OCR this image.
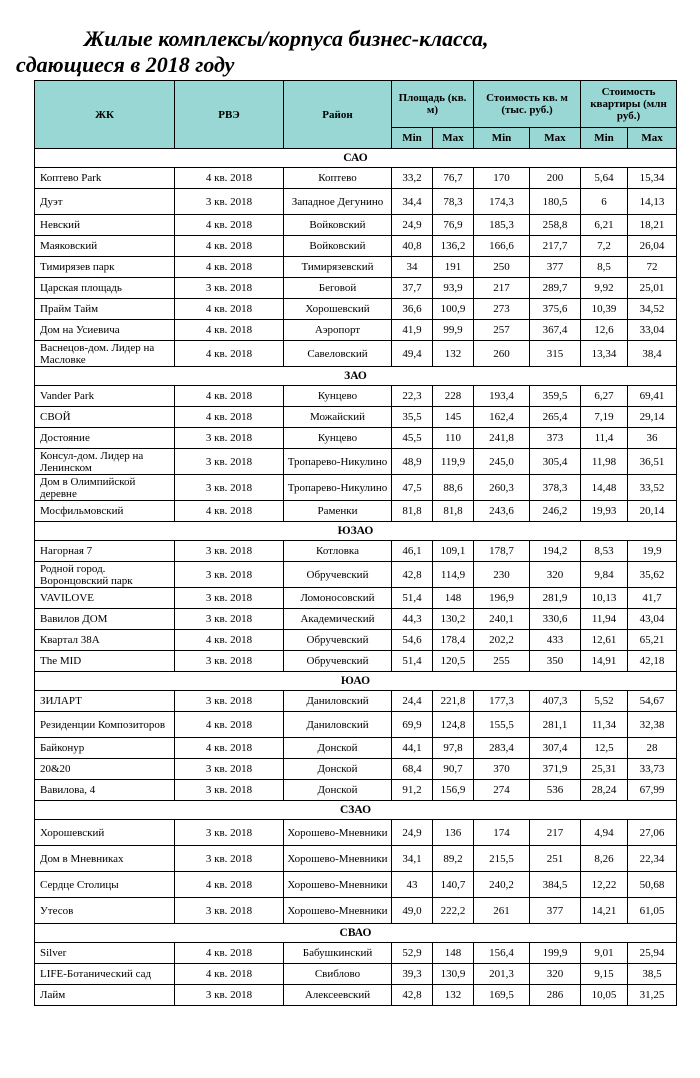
Жилые комплексы/корпуса бизнес-класса,
сдающиеся в 2018 году
ЖК	РВЭ	Район	Площадь (кв. м)		Стоимость кв. м (тыс. руб.)		Стоимость квартиры (млн руб.)	
			Min	Max	Min	Max	Min	Max
САО								
Коптево Park	4 кв. 2018	Коптево	33,2	76,7	170	200	5,64	15,34
Дуэт	3 кв. 2018	Западное Дегунино	34,4	78,3	174,3	180,5	6	14,13
Невский	4 кв. 2018	Войковский	24,9	76,9	185,3	258,8	6,21	18,21
Маяковский	4 кв. 2018	Войковский	40,8	136,2	166,6	217,7	7,2	26,04
Тимирязев парк	4 кв. 2018	Тимирязевский	34	191	250	377	8,5	72
Царская площадь	3 кв. 2018	Беговой	37,7	93,9	217	289,7	9,92	25,01
Прайм Тайм	4 кв. 2018	Хорошевский	36,6	100,9	273	375,6	10,39	34,52
Дом на Усиевича	4 кв. 2018	Аэропорт	41,9	99,9	257	367,4	12,6	33,04
Васнецов-дом. Лидер на Масловке	4 кв. 2018	Савеловский	49,4	132	260	315	13,34	38,4
ЗАО								
Vander Park	4 кв. 2018	Кунцево	22,3	228	193,4	359,5	6,27	69,41
СВОЙ	4 кв. 2018	Можайский	35,5	145	162,4	265,4	7,19	29,14
Достояние	3 кв. 2018	Кунцево	45,5	110	241,8	373	11,4	36
Консул-дом. Лидер на Ленинском	3 кв. 2018	Тропарево-Никулино	48,9	119,9	245,0	305,4	11,98	36,51
Дом в Олимпийской деревне	3 кв. 2018	Тропарево-Никулино	47,5	88,6	260,3	378,3	14,48	33,52
Мосфильмовский	4 кв. 2018	Раменки	81,8	81,8	243,6	246,2	19,93	20,14
ЮЗАО								
Нагорная 7	3 кв. 2018	Котловка	46,1	109,1	178,7	194,2	8,53	19,9
Родной город. Воронцовский парк	3 кв. 2018	Обручевский	42,8	114,9	230	320	9,84	35,62
VAVILOVE	3 кв. 2018	Ломоносовский	51,4	148	196,9	281,9	10,13	41,7
Вавилов ДОМ	3 кв. 2018	Академический	44,3	130,2	240,1	330,6	11,94	43,04
Квартал 38А	4 кв. 2018	Обручевский	54,6	178,4	202,2	433	12,61	65,21
The MID	3 кв. 2018	Обручевский	51,4	120,5	255	350	14,91	42,18
ЮАО								
ЗИЛАРТ	3 кв. 2018	Даниловский	24,4	221,8	177,3	407,3	5,52	54,67
Резиденции Композиторов	4 кв. 2018	Даниловский	69,9	124,8	155,5	281,1	11,34	32,38
Байконур	4 кв. 2018	Донской	44,1	97,8	283,4	307,4	12,5	28
20&20	3 кв. 2018	Донской	68,4	90,7	370	371,9	25,31	33,73
Вавилова, 4	3 кв. 2018	Донской	91,2	156,9	274	536	28,24	67,99
СЗАО								
Хорошевский	3 кв. 2018	Хорошево-Мневники	24,9	136	174	217	4,94	27,06
Дом в Мневниках	3 кв. 2018	Хорошево-Мневники	34,1	89,2	215,5	251	8,26	22,34
Сердце Столицы	4 кв. 2018	Хорошево-Мневники	43	140,7	240,2	384,5	12,22	50,68
Утесов	3 кв. 2018	Хорошево-Мневники	49,0	222,2	261	377	14,21	61,05
СВАО								
Silver	4 кв. 2018	Бабушкинский	52,9	148	156,4	199,9	9,01	25,94
LIFE-Ботанический сад	4 кв. 2018	Свиблово	39,3	130,9	201,3	320	9,15	38,5
Лайм	3 кв. 2018	Алексеевский	42,8	132	169,5	286	10,05	31,25
